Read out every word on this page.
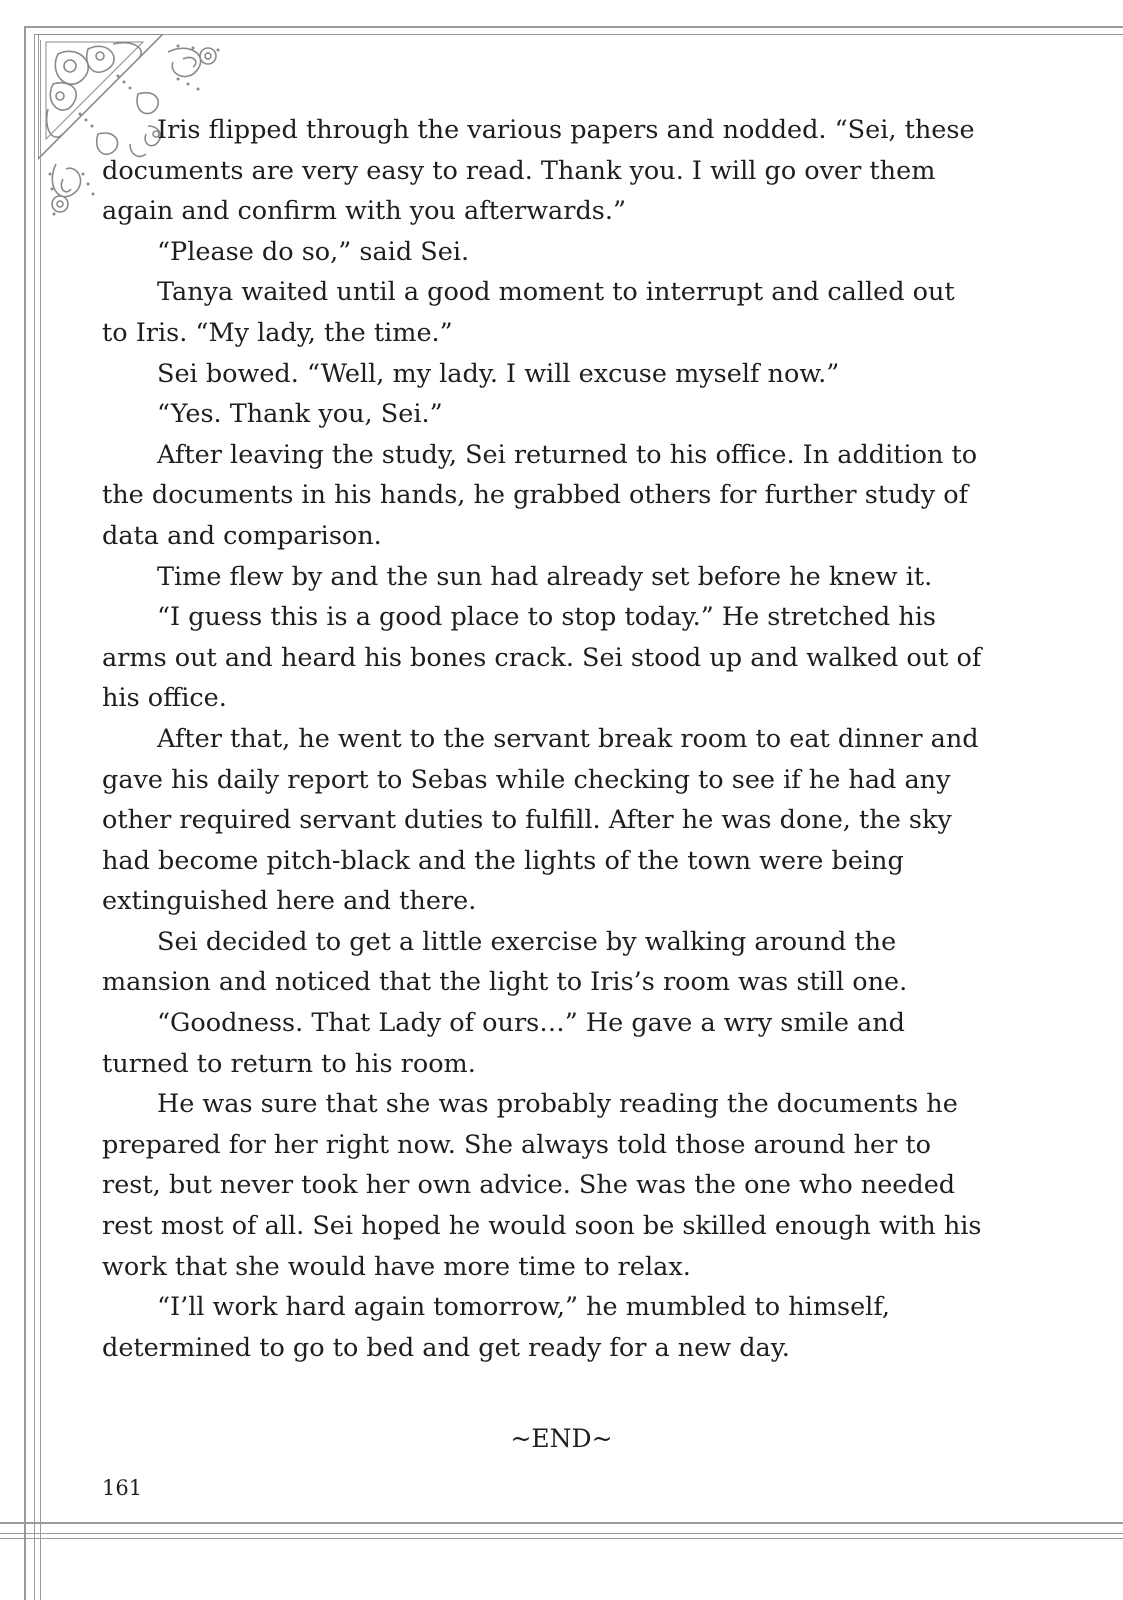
Iris flipped through the various papers and nodded. “Sei, these documents are very easy to read. Thank you. I will go over them again and confirm with you afterwards.”

“Please do so,” said Sei.

Tanya waited until a good moment to interrupt and called out to Iris. “My lady, the time.”

Sei bowed. “Well, my lady. I will excuse myself now.”

“Yes. Thank you, Sei.”

After leaving the study, Sei returned to his office. In addition to the documents in his hands, he grabbed others for further study of data and comparison.

Time flew by and the sun had already set before he knew it.

“I guess this is a good place to stop today.” He stretched his arms out and heard his bones crack. Sei stood up and walked out of his office.

After that, he went to the servant break room to eat dinner and gave his daily report to Sebas while checking to see if he had any other required servant duties to fulfill. After he was done, the sky had become pitch-black and the lights of the town were being extinguished here and there.

Sei decided to get a little exercise by walking around the mansion and noticed that the light to Iris’s room was still one.

“Goodness. That Lady of ours…” He gave a wry smile and turned to return to his room.

He was sure that she was probably reading the documents he prepared for her right now. She always told those around her to rest, but never took her own advice. She was the one who needed rest most of all. Sei hoped he would soon be skilled enough with his work that she would have more time to relax.

“I’ll work hard again tomorrow,” he mumbled to himself, determined to go to bed and get ready for a new day.

~END~
161
